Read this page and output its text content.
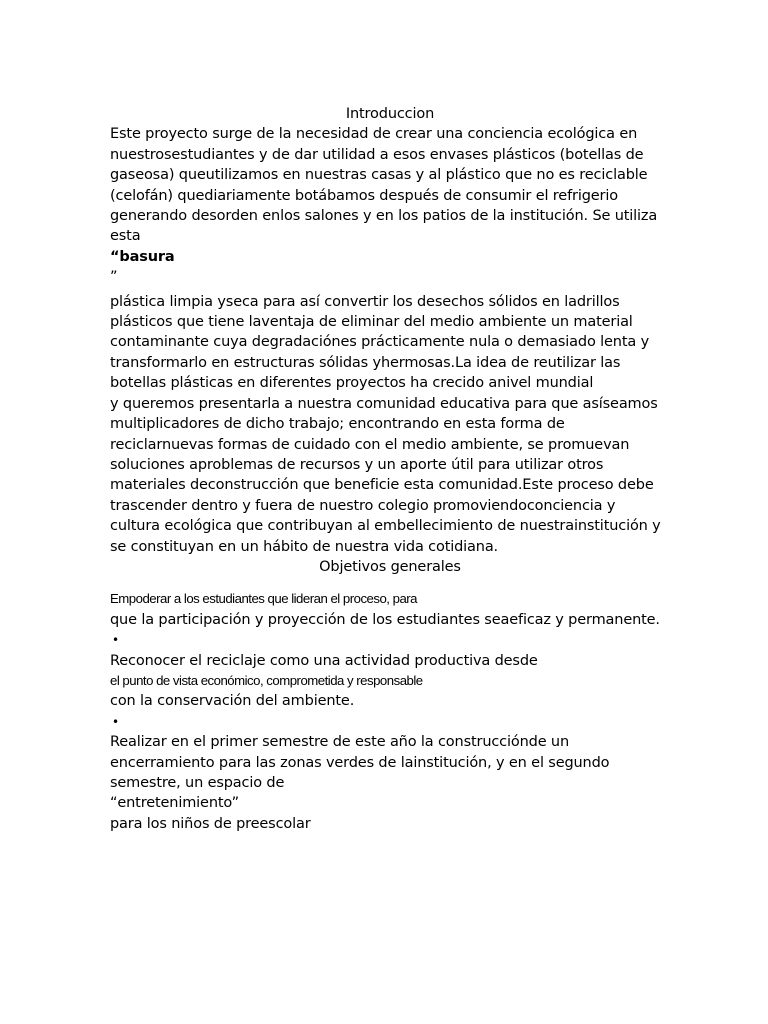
Introduccion
Este proyecto surge de la necesidad de crear una conciencia ecológica en
nuestrosestudiantes y de dar utilidad a esos envases plásticos (botellas de
gaseosa) queutilizamos en nuestras casas y al plástico que no es reciclable
(celofán) quediariamente botábamos después de consumir el refrigerio
generando desorden enlos salones y en los patios de la institución. Se utiliza
esta
“basura
”
plástica limpia yseca para así convertir los desechos sólidos en ladrillos
plásticos que tiene laventaja de eliminar del medio ambiente un material
contaminante cuya degradaciónes prácticamente nula o demasiado lenta y
transformarlo en estructuras sólidas yhermosas.La idea de reutilizar las
botellas plásticas en diferentes proyectos ha crecido anivel mundial
y queremos presentarla a nuestra comunidad educativa para que asíseamos
multiplicadores de dicho trabajo; encontrando en esta forma de
reciclarnuevas formas de cuidado con el medio ambiente, se promuevan
soluciones aproblemas de recursos y un aporte útil para utilizar otros
materiales deconstrucción que beneficie esta comunidad.Este proceso debe
trascender dentro y fuera de nuestro colegio promoviendoconciencia y
cultura ecológica que contribuyan al embellecimiento de nuestrainstitución y
se constituyan en un hábito de nuestra vida cotidiana.
Objetivos generales
Empoderar a los estudiantes que lideran el proceso, para
que la participación y proyección de los estudiantes seaeficaz y permanente.
•
Reconocer el reciclaje como una actividad productiva desde
el punto de vista económico, comprometida y responsable
con la conservación del ambiente.
•
Realizar en el primer semestre de este año la construcciónde un
encerramiento para las zonas verdes de lainstitución, y en el segundo
semestre, un espacio de
“entretenimiento”
para los niños de preescolar
